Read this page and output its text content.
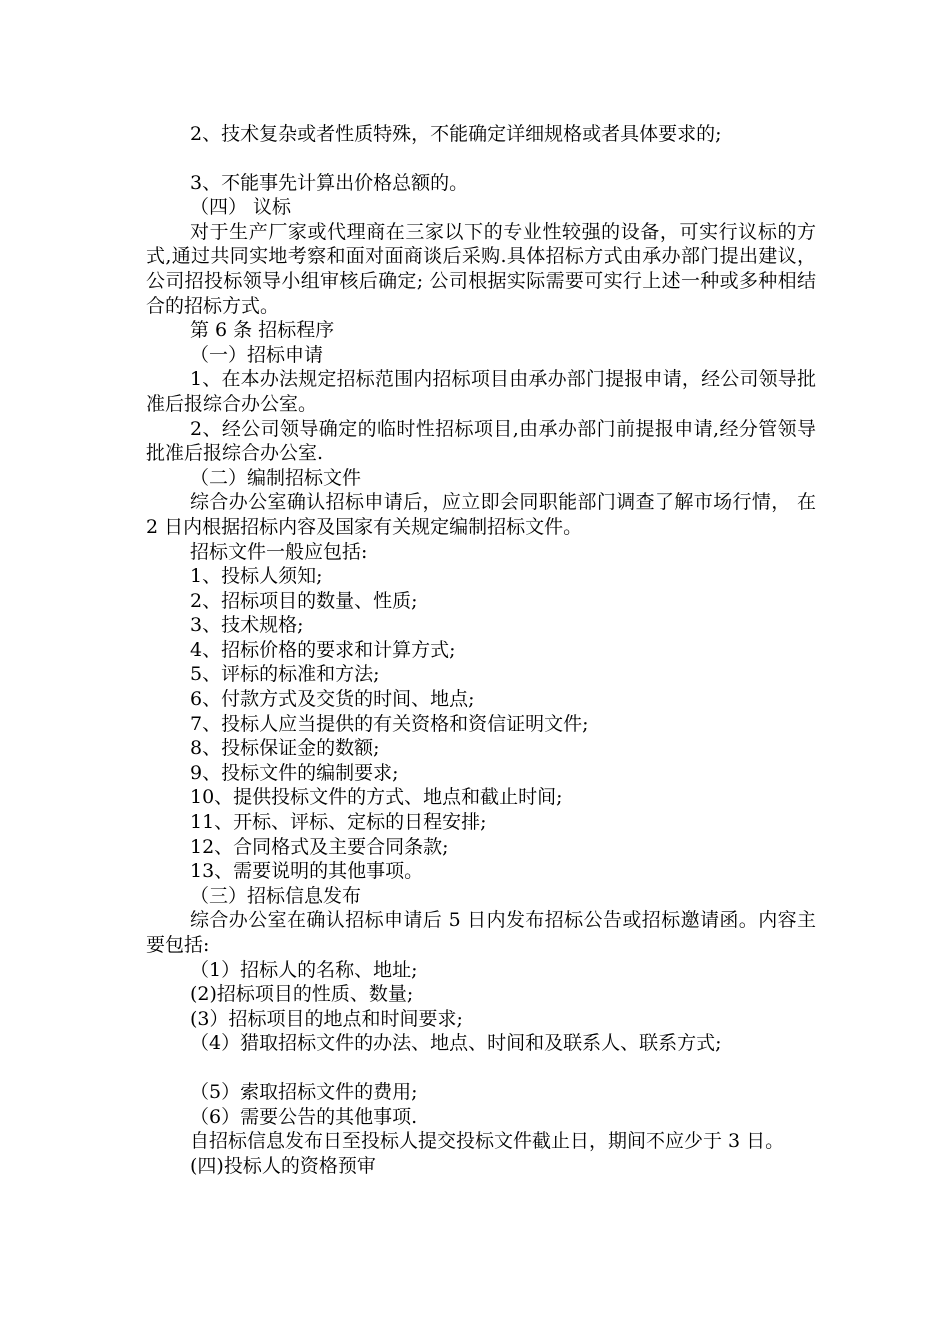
2、技术复杂或者性质特殊，不能确定详细规格或者具体要求的;

3、不能事先计算出价格总额的。

（四） 议标

对于生产厂家或代理商在三家以下的专业性较强的设备，可实行议标的方式,通过共同实地考察和面对面商谈后采购.具体招标方式由承办部门提出建议，公司招投标领导小组审核后确定; 公司根据实际需要可实行上述一种或多种相结合的招标方式。

第 6 条 招标程序

（一）招标申请

1、在本办法规定招标范围内招标项目由承办部门提报申请，经公司领导批准后报综合办公室。

2、经公司领导确定的临时性招标项目,由承办部门前提报申请,经分管领导批准后报综合办公室.

（二）编制招标文件

综合办公室确认招标申请后，应立即会同职能部门调查了解市场行情， 在 2 日内根据招标内容及国家有关规定编制招标文件。

招标文件一般应包括:

1、投标人须知;

2、招标项目的数量、性质;

3、技术规格;

4、招标价格的要求和计算方式;

5、评标的标准和方法;

6、付款方式及交货的时间、地点;

7、投标人应当提供的有关资格和资信证明文件;

8、投标保证金的数额;

9、投标文件的编制要求;

10、提供投标文件的方式、地点和截止时间;

11、开标、评标、定标的日程安排;

12、合同格式及主要合同条款;

13、需要说明的其他事项。

（三）招标信息发布

综合办公室在确认招标申请后 5 日内发布招标公告或招标邀请函。内容主要包括:

（1）招标人的名称、地址;

(2)招标项目的性质、数量;

(3）招标项目的地点和时间要求;

（4）猎取招标文件的办法、地点、时间和及联系人、联系方式;

（5）索取招标文件的费用;

（6）需要公告的其他事项.

自招标信息发布日至投标人提交投标文件截止日，期间不应少于 3 日。

(四)投标人的资格预审
